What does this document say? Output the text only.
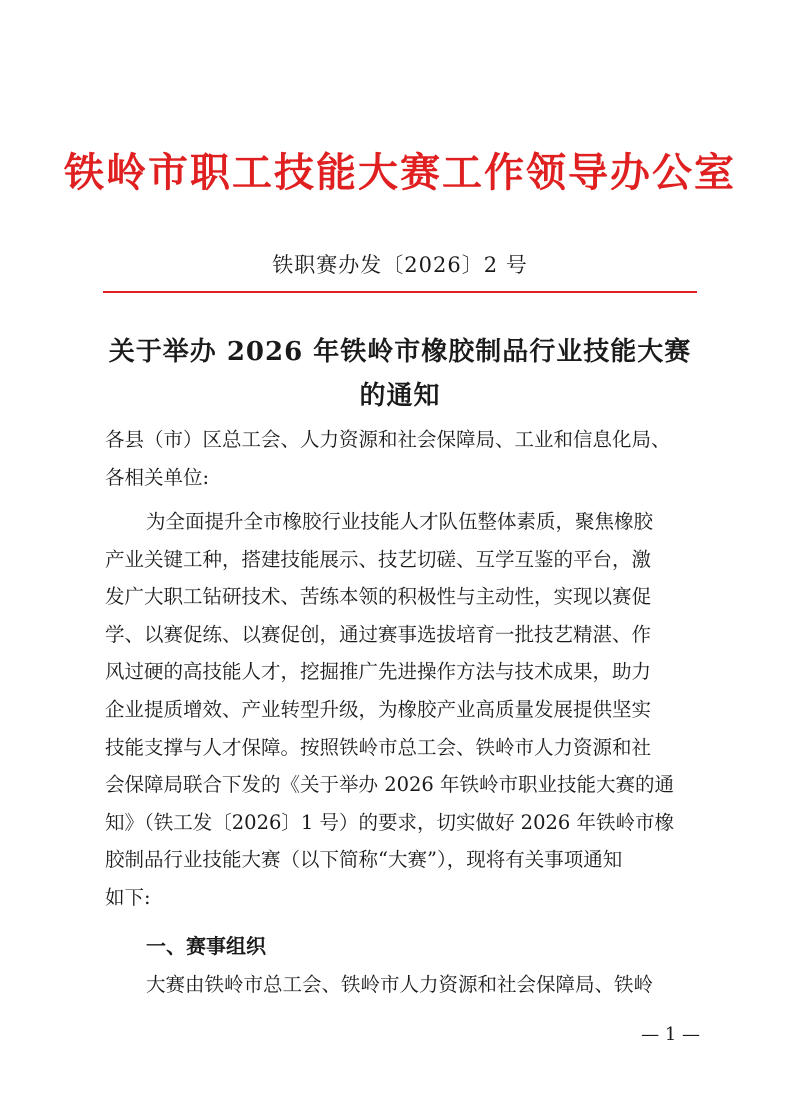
铁岭市职工技能大赛工作领导办公室
铁职赛办发〔2026〕2 号
关于举办 2026 年铁岭市橡胶制品行业技能大赛
的通知
各县（市）区总工会、人力资源和社会保障局、工业和信息化局、
各相关单位:
为全面提升全市橡胶行业技能人才队伍整体素质，聚焦橡胶
产业关键工种，搭建技能展示、技艺切磋、互学互鉴的平台，激
发广大职工钻研技术、苦练本领的积极性与主动性，实现以赛促
学、以赛促练、以赛促创，通过赛事选拔培育一批技艺精湛、作
风过硬的高技能人才，挖掘推广先进操作方法与技术成果，助力
企业提质增效、产业转型升级，为橡胶产业高质量发展提供坚实
技能支撑与人才保障。按照铁岭市总工会、铁岭市人力资源和社
会保障局联合下发的《关于举办 2026 年铁岭市职业技能大赛的通
知》（铁工发〔2026〕1 号）的要求，切实做好 2026 年铁岭市橡
胶制品行业技能大赛（以下简称“大赛”），现将有关事项通知
如下:
一、赛事组织
大赛由铁岭市总工会、铁岭市人力资源和社会保障局、铁岭
— 1 —
